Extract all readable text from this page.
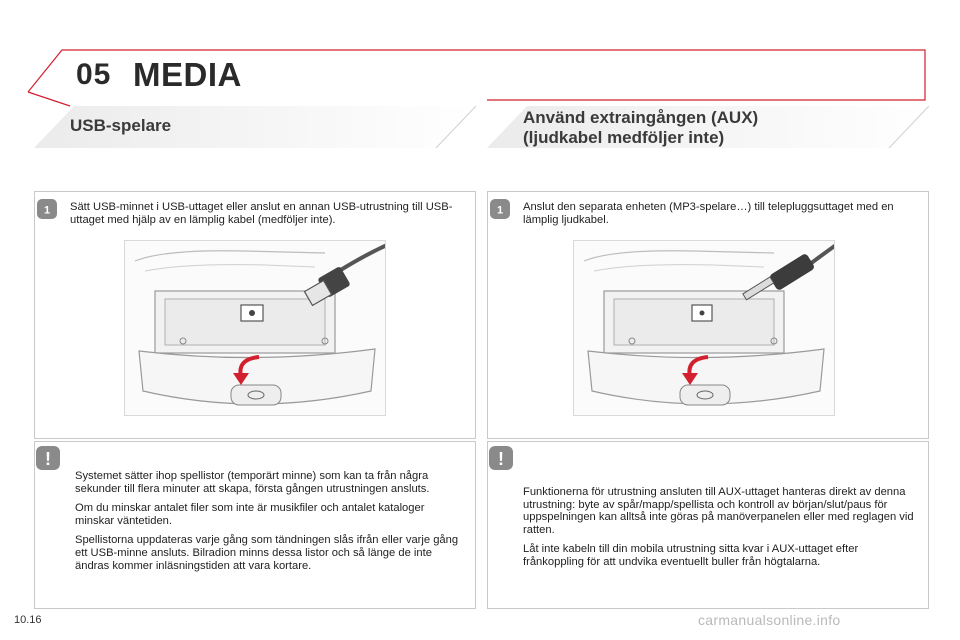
05 MEDIA
USB-spelare	Använd extraingången (AUX)
(ljudkabel medföljer inte)
1 Sätt USB-minnet i USB-uttaget eller anslut en annan USB-utrustning till USB-uttaget med hjälp av en lämplig kabel (medföljer inte).
!

Systemet sätter ihop spellistor (temporärt minne) som kan ta från några sekunder till flera minuter att skapa, första gången utrustningen ansluts.

Om du minskar antalet filer som inte är musikfiler och antalet kataloger minskar väntetiden.

Spellistorna uppdateras varje gång som tändningen slås ifrån eller varje gång ett USB-minne ansluts. Bilradion minns dessa listor och så länge de inte ändras kommer inläsningstiden att vara kortare.

1 Anslut den separata enheten (MP3-spelare…) till telepluggsuttaget med en lämplig ljudkabel.
!

Funktionerna för utrustning ansluten till AUX-uttaget hanteras direkt av denna utrustning: byte av spår/mapp/spellista och kontroll av början/slut/paus för uppspelningen kan alltså inte göras på manöverpanelen eller med reglagen vid ratten.

Låt inte kabeln till din mobila utrustning sitta kvar i AUX-uttaget efter frånkoppling för att undvika eventuellt buller från högtalarna.

10.16	carmanualsonline.info
